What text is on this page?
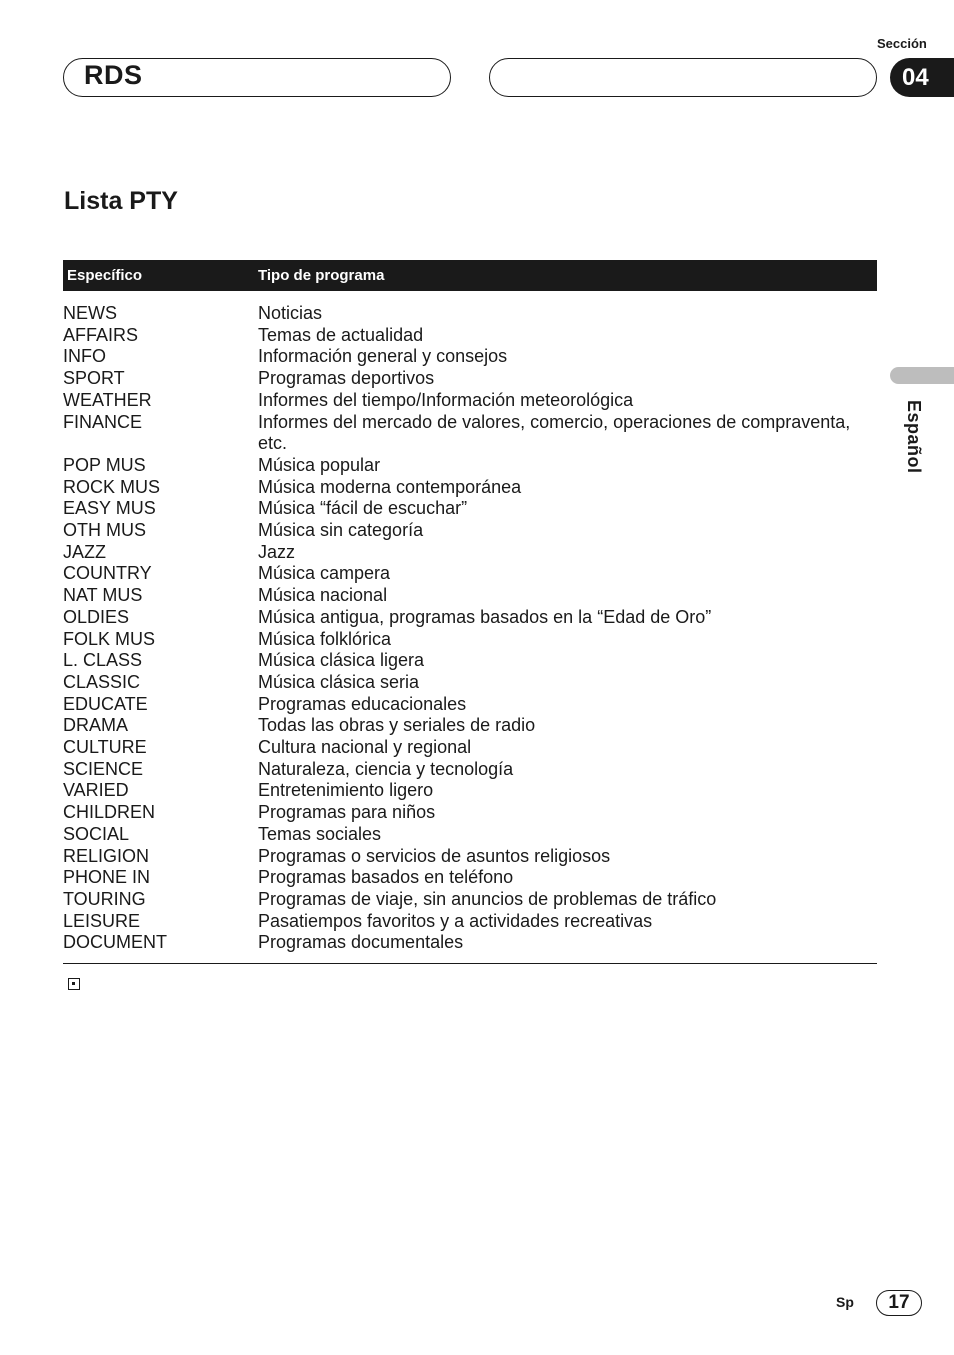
RDS
Sección
04
Español
Lista PTY
Específico	Tipo de programa
NEWS	Noticias
AFFAIRS	Temas de actualidad
INFO	Información general y consejos
SPORT	Programas deportivos
WEATHER	Informes del tiempo/Información meteorológica
FINANCE	Informes del mercado de valores, comercio, operaciones de compraventa, etc.
POP MUS	Música popular
ROCK MUS	Música moderna contemporánea
EASY MUS	Música “fácil de escuchar”
OTH MUS	Música sin categoría
JAZZ	Jazz
COUNTRY	Música campera
NAT MUS	Música nacional
OLDIES	Música antigua, programas basados en la “Edad de Oro”
FOLK MUS	Música folklórica
L. CLASS	Música clásica ligera
CLASSIC	Música clásica seria
EDUCATE	Programas educacionales
DRAMA	Todas las obras y seriales de radio
CULTURE	Cultura nacional y regional
SCIENCE	Naturaleza, ciencia y tecnología
VARIED	Entretenimiento ligero
CHILDREN	Programas para niños
SOCIAL	Temas sociales
RELIGION	Programas o servicios de asuntos religiosos
PHONE IN	Programas basados en teléfono
TOURING	Programas de viaje, sin anuncios de problemas de tráfico
LEISURE	Pasatiempos favoritos y a actividades recreativas
DOCUMENT	Programas documentales
Sp	17
